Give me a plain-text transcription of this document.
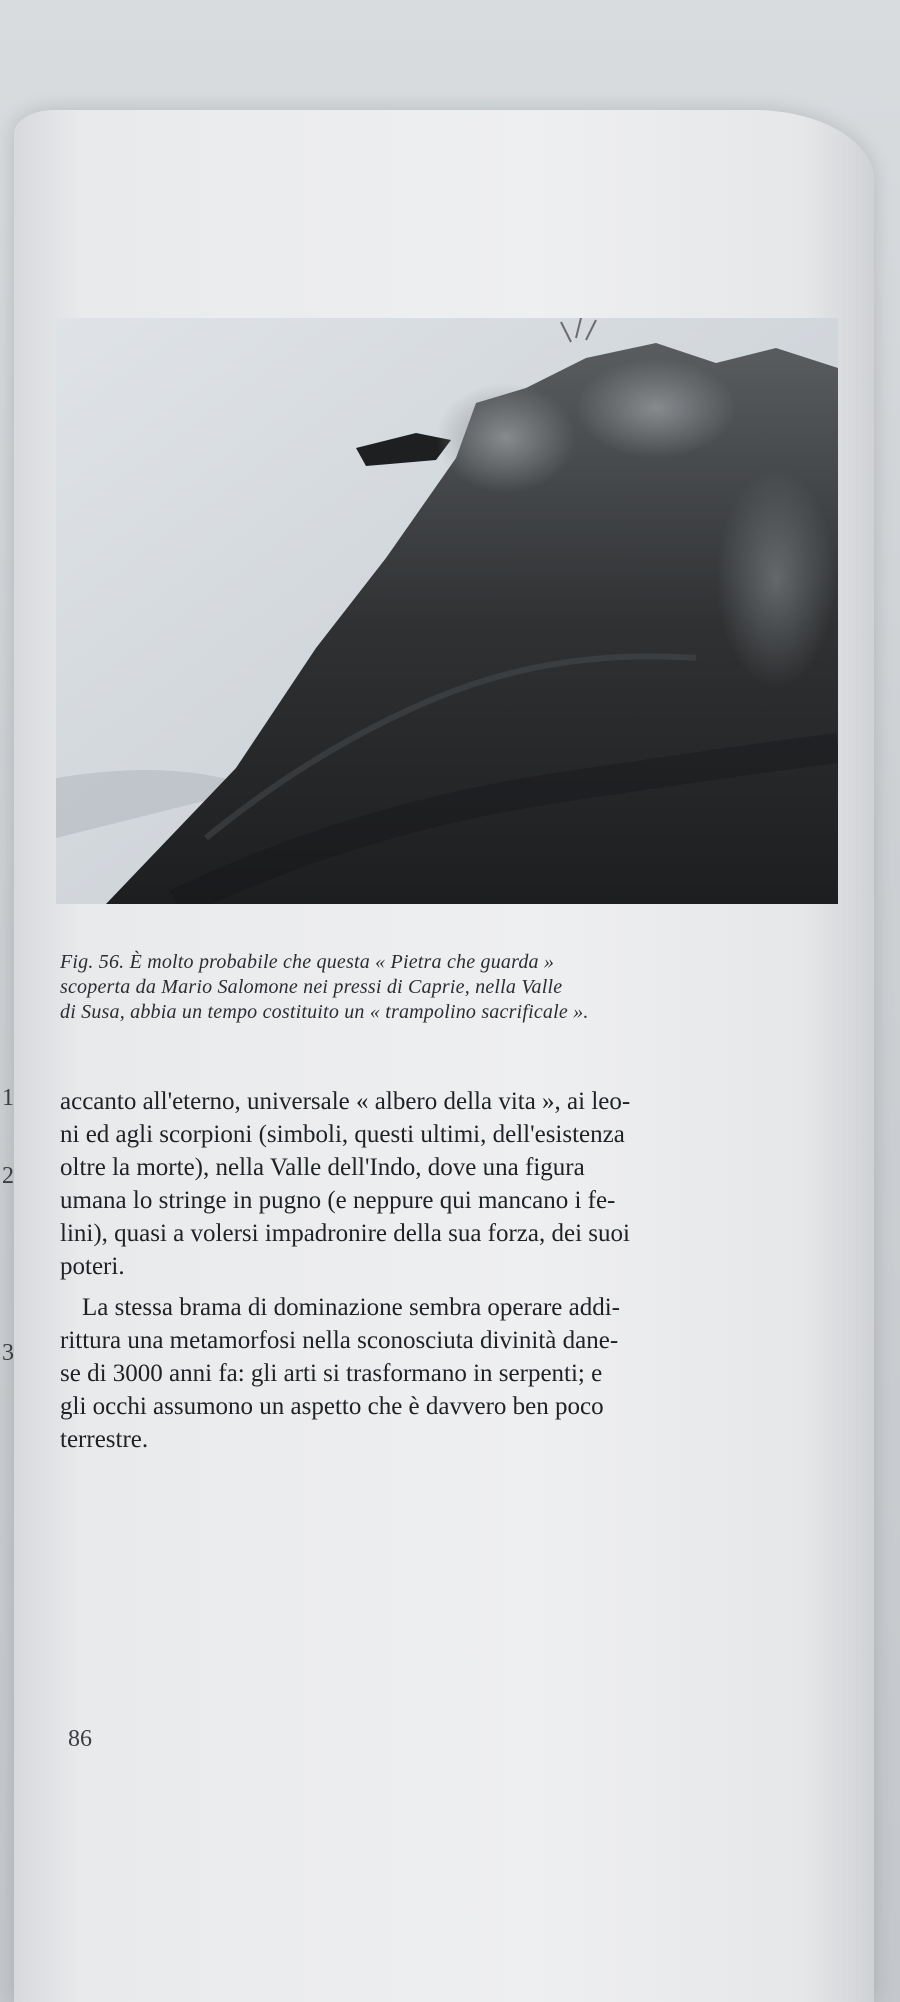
Fig. 56. È molto probabile che questa « Pietra che guarda »
scoperta da Mario Salomone nei pressi di Caprie, nella Valle
di Susa, abbia un tempo costituito un « trampolino sacrificale ».
1
2
3
accanto all'eterno, universale « albero della vita », ai leo-
ni ed agli scorpioni (simboli, questi ultimi, dell'esistenza
oltre la morte), nella Valle dell'Indo, dove una figura
umana lo stringe in pugno (e neppure qui mancano i fe-
lini), quasi a volersi impadronire della sua forza, dei suoi
poteri.
La stessa brama di dominazione sembra operare addi-
rittura una metamorfosi nella sconosciuta divinità dane-
se di 3000 anni fa: gli arti si trasformano in serpenti; e
gli occhi assumono un aspetto che è davvero ben poco
terrestre.
86
